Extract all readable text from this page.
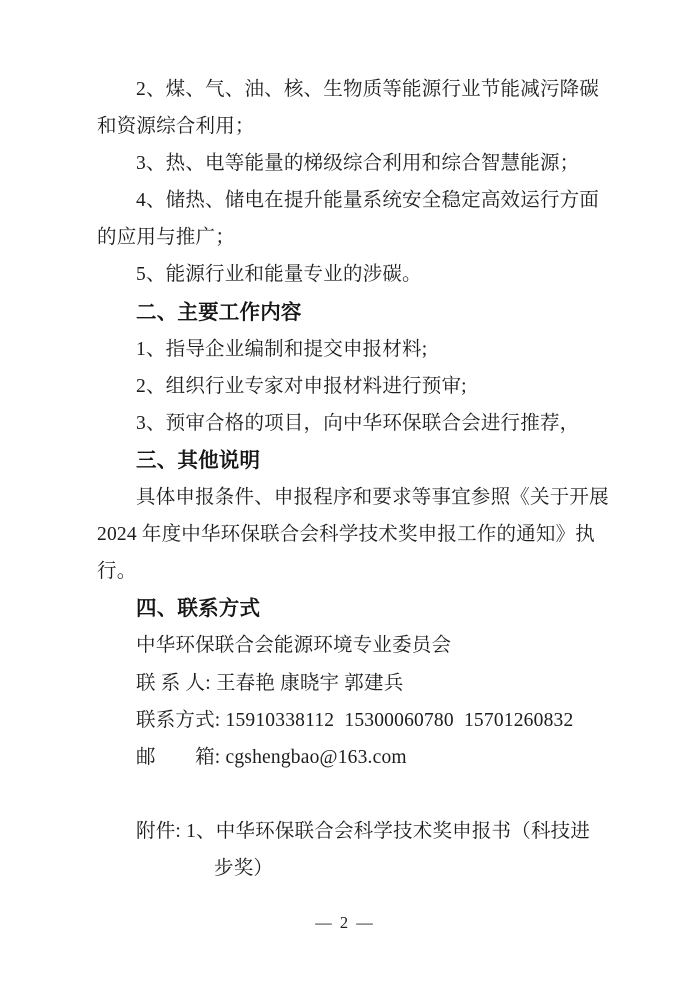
2、煤、气、油、核、生物质等能源行业节能减污降碳
和资源综合利用；
3、热、电等能量的梯级综合利用和综合智慧能源；
4、储热、储电在提升能量系统安全稳定高效运行方面
的应用与推广；
5、能源行业和能量专业的涉碳。
二、主要工作内容
1、指导企业编制和提交申报材料;
2、组织行业专家对申报材料进行预审;
3、预审合格的项目，向中华环保联合会进行推荐，
三、其他说明
具体申报条件、申报程序和要求等事宜参照《关于开展
2024 年度中华环保联合会科学技术奖申报工作的通知》执
行。
四、联系方式
中华环保联合会能源环境专业委员会
联 系 人: 王春艳 康晓宇 郭建兵
联系方式: 15910338112  15300060780  15701260832
邮　　箱: cgshengbao@163.com
附件: 1、中华环保联合会科学技术奖申报书（科技进
步奖）
— 2 —
